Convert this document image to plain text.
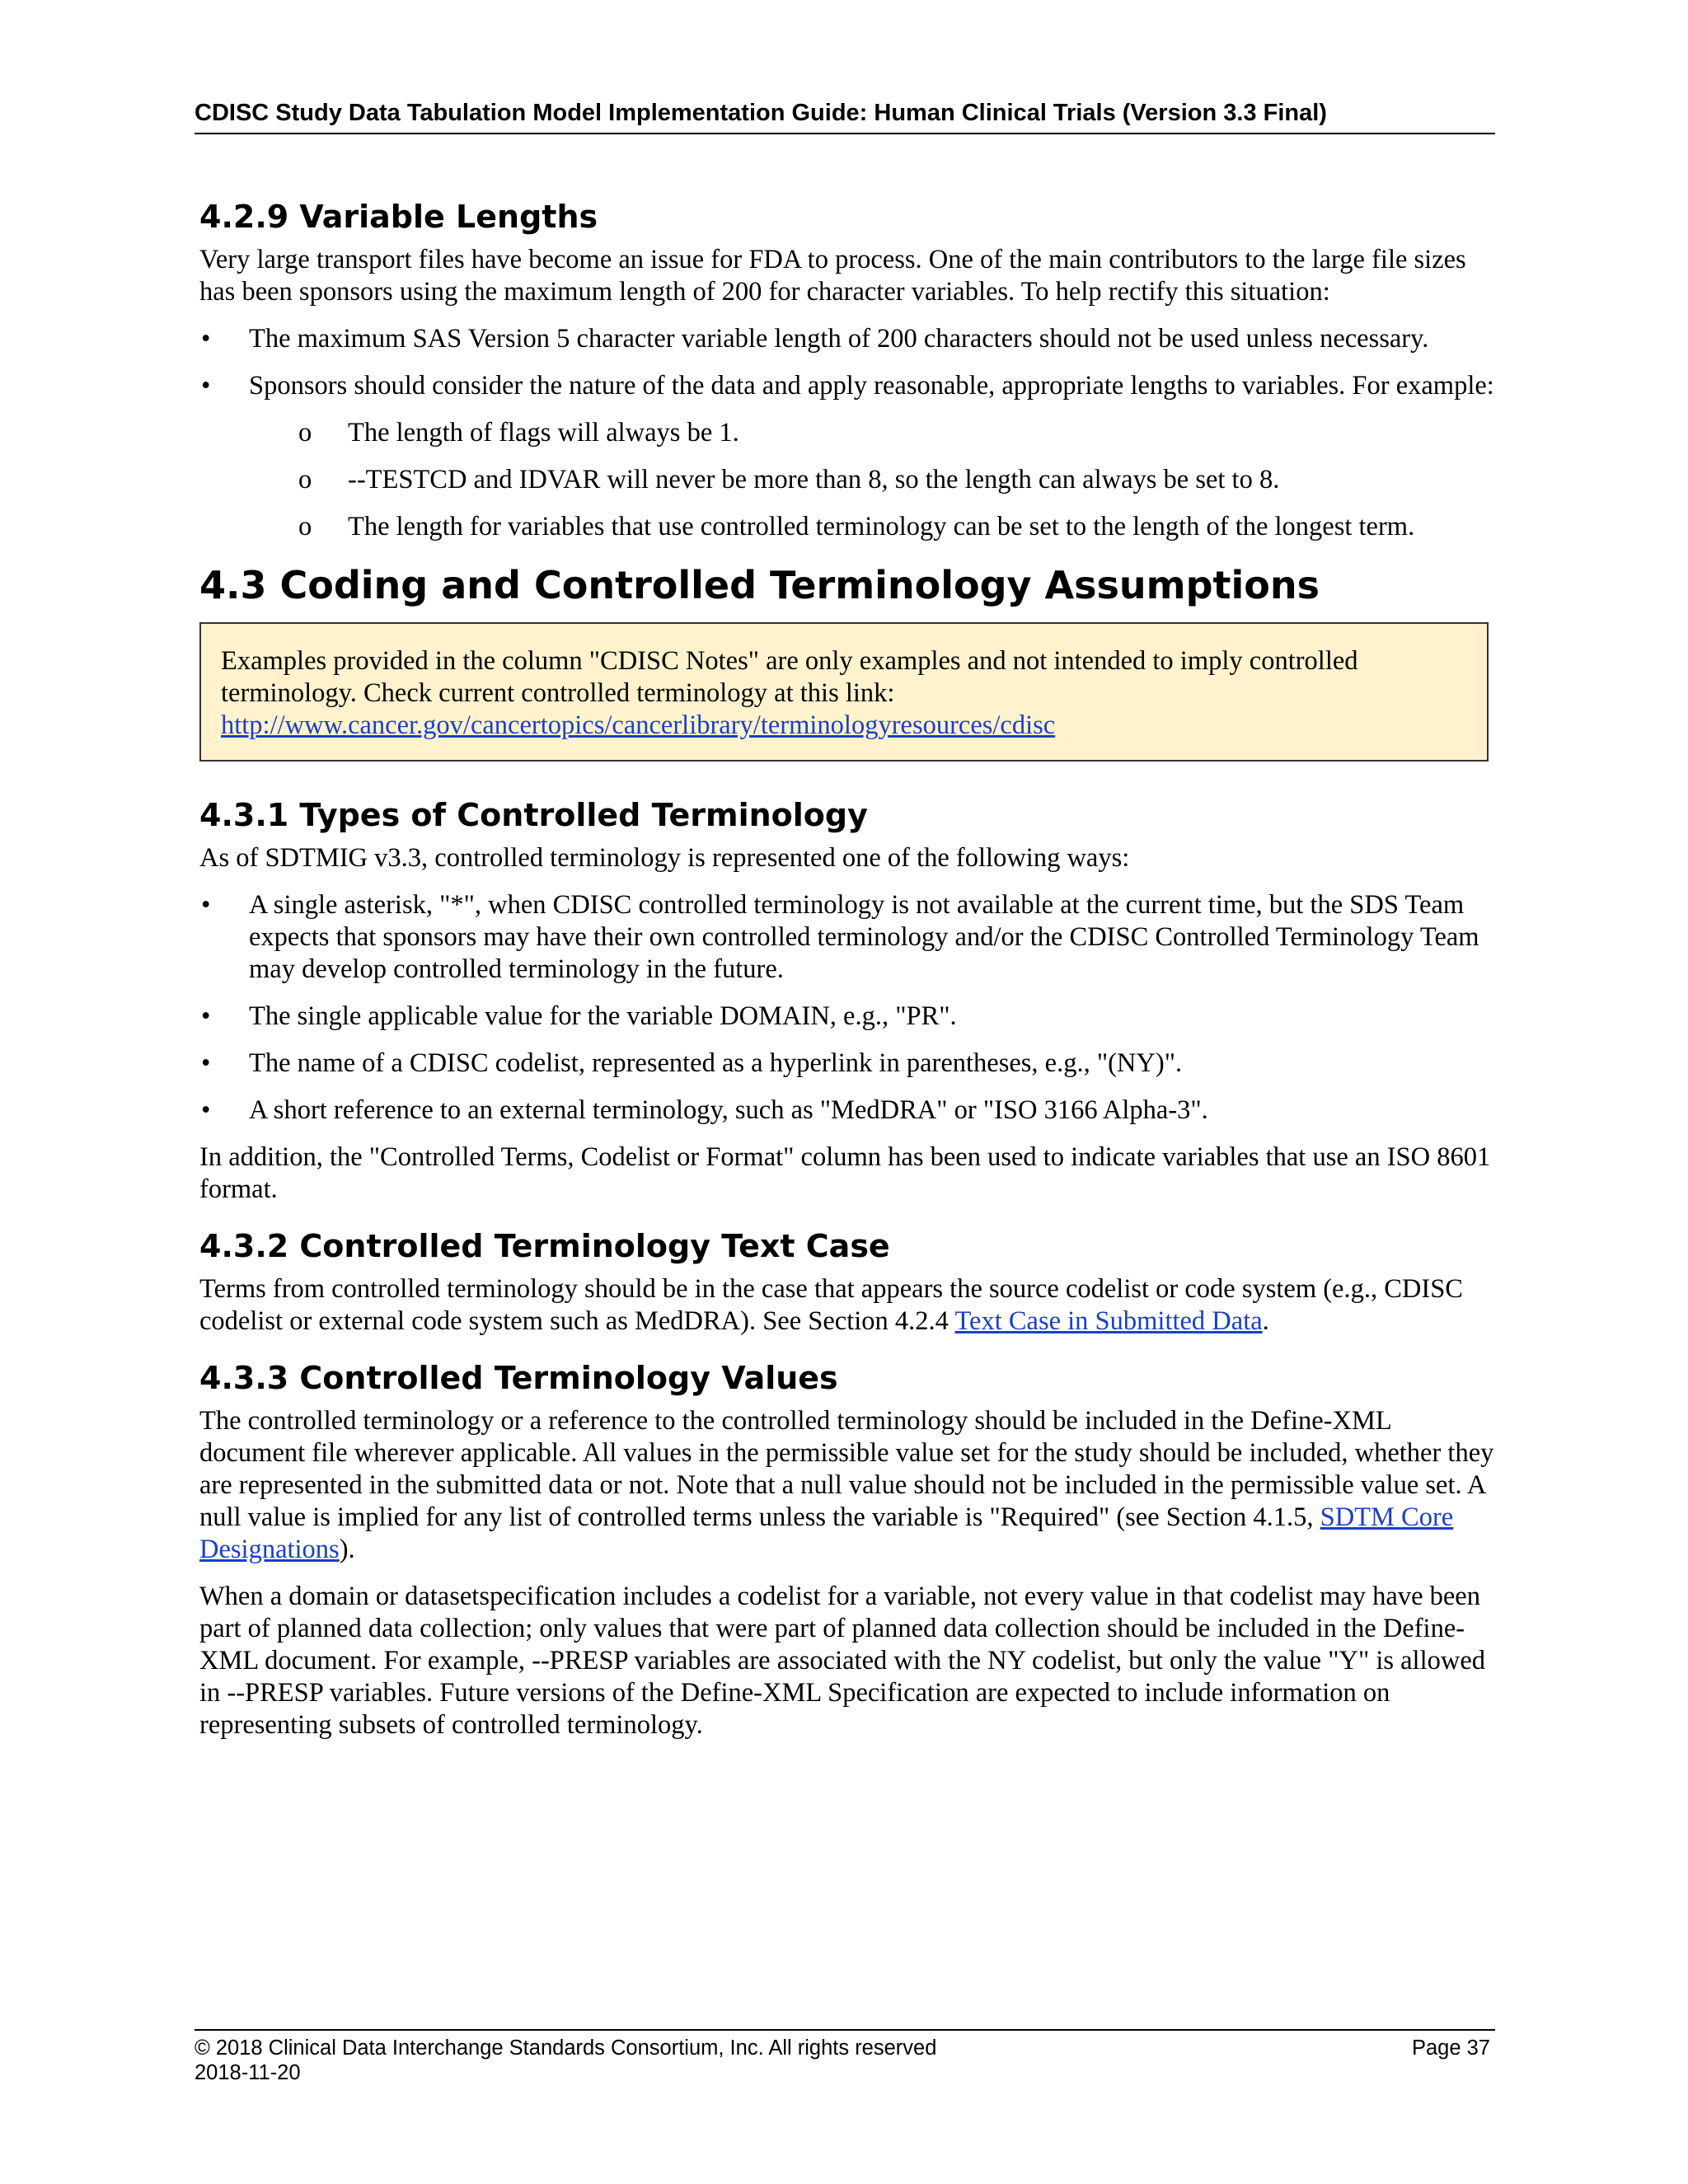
CDISC Study Data Tabulation Model Implementation Guide: Human Clinical Trials (Version 3.3 Final)
4.2.9 Variable Lengths

Very large transport files have become an issue for FDA to process. One of the main contributors to the large file sizes has been sponsors using the maximum length of 200 for character variables. To help rectify this situation:

•	The maximum SAS Version 5 character variable length of 200 characters should not be used unless necessary.
•	Sponsors should consider the nature of the data and apply reasonable, appropriate lengths to variables. For example:
o	The length of flags will always be 1.
o	--TESTCD and IDVAR will never be more than 8, so the length can always be set to 8.
o	The length for variables that use controlled terminology can be set to the length of the longest term.
4.3 Coding and Controlled Terminology Assumptions

Examples provided in the column "CDISC Notes" are only examples and not intended to imply controlled terminology. Check current controlled terminology at this link:

http://www.cancer.gov/cancertopics/cancerlibrary/terminologyresources/cdisc

4.3.1 Types of Controlled Terminology

As of SDTMIG v3.3, controlled terminology is represented one of the following ways:

•	A single asterisk, "*", when CDISC controlled terminology is not available at the current time, but the SDS Team expects that sponsors may have their own controlled terminology and/or the CDISC Controlled Terminology Team may develop controlled terminology in the future.
•	The single applicable value for the variable DOMAIN, e.g., "PR".
•	The name of a CDISC codelist, represented as a hyperlink in parentheses, e.g., "(NY)".
•	A short reference to an external terminology, such as "MedDRA" or "ISO 3166 Alpha-3".

In addition, the "Controlled Terms, Codelist or Format" column has been used to indicate variables that use an ISO 8601 format.

4.3.2 Controlled Terminology Text Case

Terms from controlled terminology should be in the case that appears the source codelist or code system (e.g., CDISC codelist or external code system such as MedDRA). See Section 4.2.4 Text Case in Submitted Data.

4.3.3 Controlled Terminology Values

The controlled terminology or a reference to the controlled terminology should be included in the Define-XML document file wherever applicable. All values in the permissible value set for the study should be included, whether they are represented in the submitted data or not. Note that a null value should not be included in the permissible value set. A null value is implied for any list of controlled terms unless the variable is "Required" (see Section 4.1.5, SDTM Core Designations).

When a domain or datasetspecification includes a codelist for a variable, not every value in that codelist may have been part of planned data collection; only values that were part of planned data collection should be included in the Define-XML document. For example, --PRESP variables are associated with the NY codelist, but only the value "Y" is allowed in --PRESP variables. Future versions of the Define-XML Specification are expected to include information on representing subsets of controlled terminology.

© 2018 Clinical Data Interchange Standards Consortium, Inc. All rights reserved	Page 37
2018-11-20
